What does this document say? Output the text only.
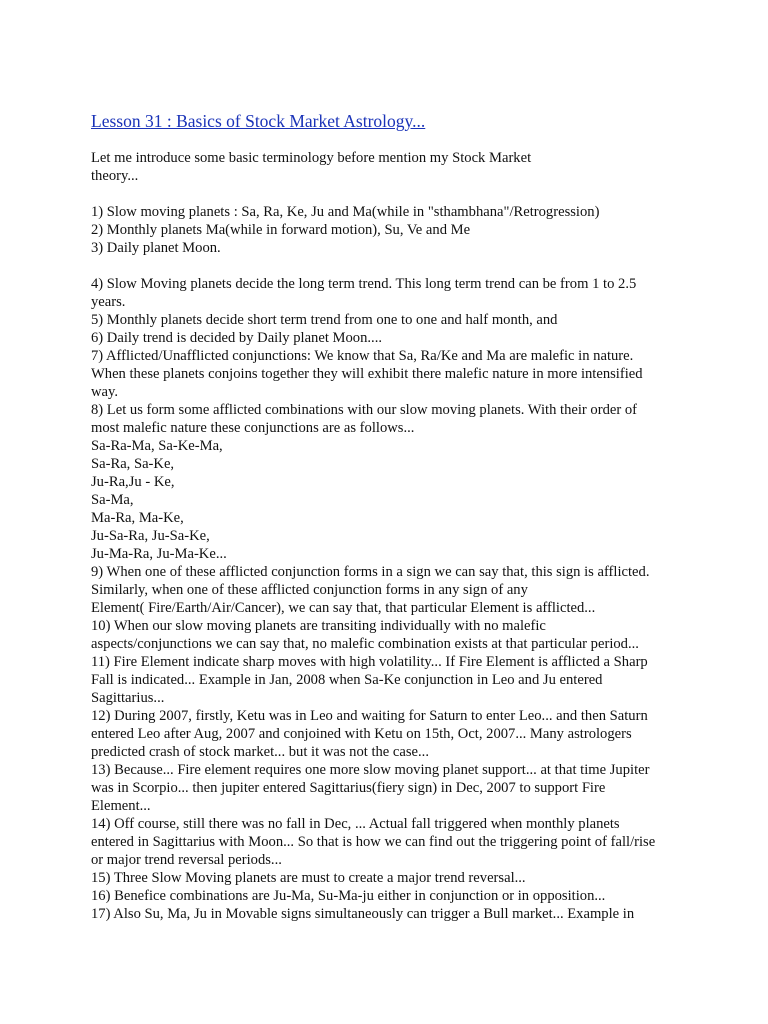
Lesson 31 : Basics of Stock Market Astrology...
Let me introduce some basic terminology before mention my Stock Market
theory...
1) Slow moving planets : Sa, Ra, Ke, Ju and Ma(while in "sthambhana"/Retrogression)
2) Monthly planets Ma(while in forward motion), Su, Ve and Me
3) Daily planet Moon.
4) Slow Moving planets decide the long term trend. This long term trend can be from 1 to 2.5
years.
5) Monthly planets decide short term trend from one to one and half month, and
6) Daily trend is decided by Daily planet Moon....
7) Afflicted/Unafflicted conjunctions: We know that Sa, Ra/Ke and Ma are malefic in nature.
When these planets conjoins together they will exhibit there malefic nature in more intensified
way.
8) Let us form some afflicted combinations with our slow moving planets. With their order of
most malefic nature these conjunctions are as follows...
Sa-Ra-Ma, Sa-Ke-Ma,
Sa-Ra, Sa-Ke,
Ju-Ra,Ju - Ke,
Sa-Ma,
Ma-Ra, Ma-Ke,
Ju-Sa-Ra, Ju-Sa-Ke,
Ju-Ma-Ra, Ju-Ma-Ke...
9) When one of these afflicted conjunction forms in a sign we can say that, this sign is afflicted.
Similarly, when one of these afflicted conjunction forms in any sign of any
Element( Fire/Earth/Air/Cancer), we can say that, that particular Element is afflicted...
10) When our slow moving planets are transiting individually with no malefic
aspects/conjunctions we can say that, no malefic combination exists at that particular period...
11) Fire Element indicate sharp moves with high volatility... If Fire Element is afflicted a Sharp
Fall is indicated... Example in Jan, 2008 when Sa-Ke conjunction in Leo and Ju entered
Sagittarius...
12) During 2007, firstly, Ketu was in Leo and waiting for Saturn to enter Leo... and then Saturn
entered Leo after Aug, 2007 and conjoined with Ketu on 15th, Oct, 2007... Many astrologers
predicted crash of stock market... but it was not the case...
13) Because... Fire element requires one more slow moving planet support... at that time Jupiter
was in Scorpio... then jupiter entered Sagittarius(fiery sign) in Dec, 2007 to support Fire
Element...
14) Off course, still there was no fall in Dec, ... Actual fall triggered when monthly planets
entered in Sagittarius with Moon... So that is how we can find out the triggering point of fall/rise
or major trend reversal periods...
15) Three Slow Moving planets are must to create a major trend reversal...
16) Benefice combinations are Ju-Ma, Su-Ma-ju either in conjunction or in opposition...
17) Also Su, Ma, Ju in Movable signs simultaneously can trigger a Bull market... Example in
